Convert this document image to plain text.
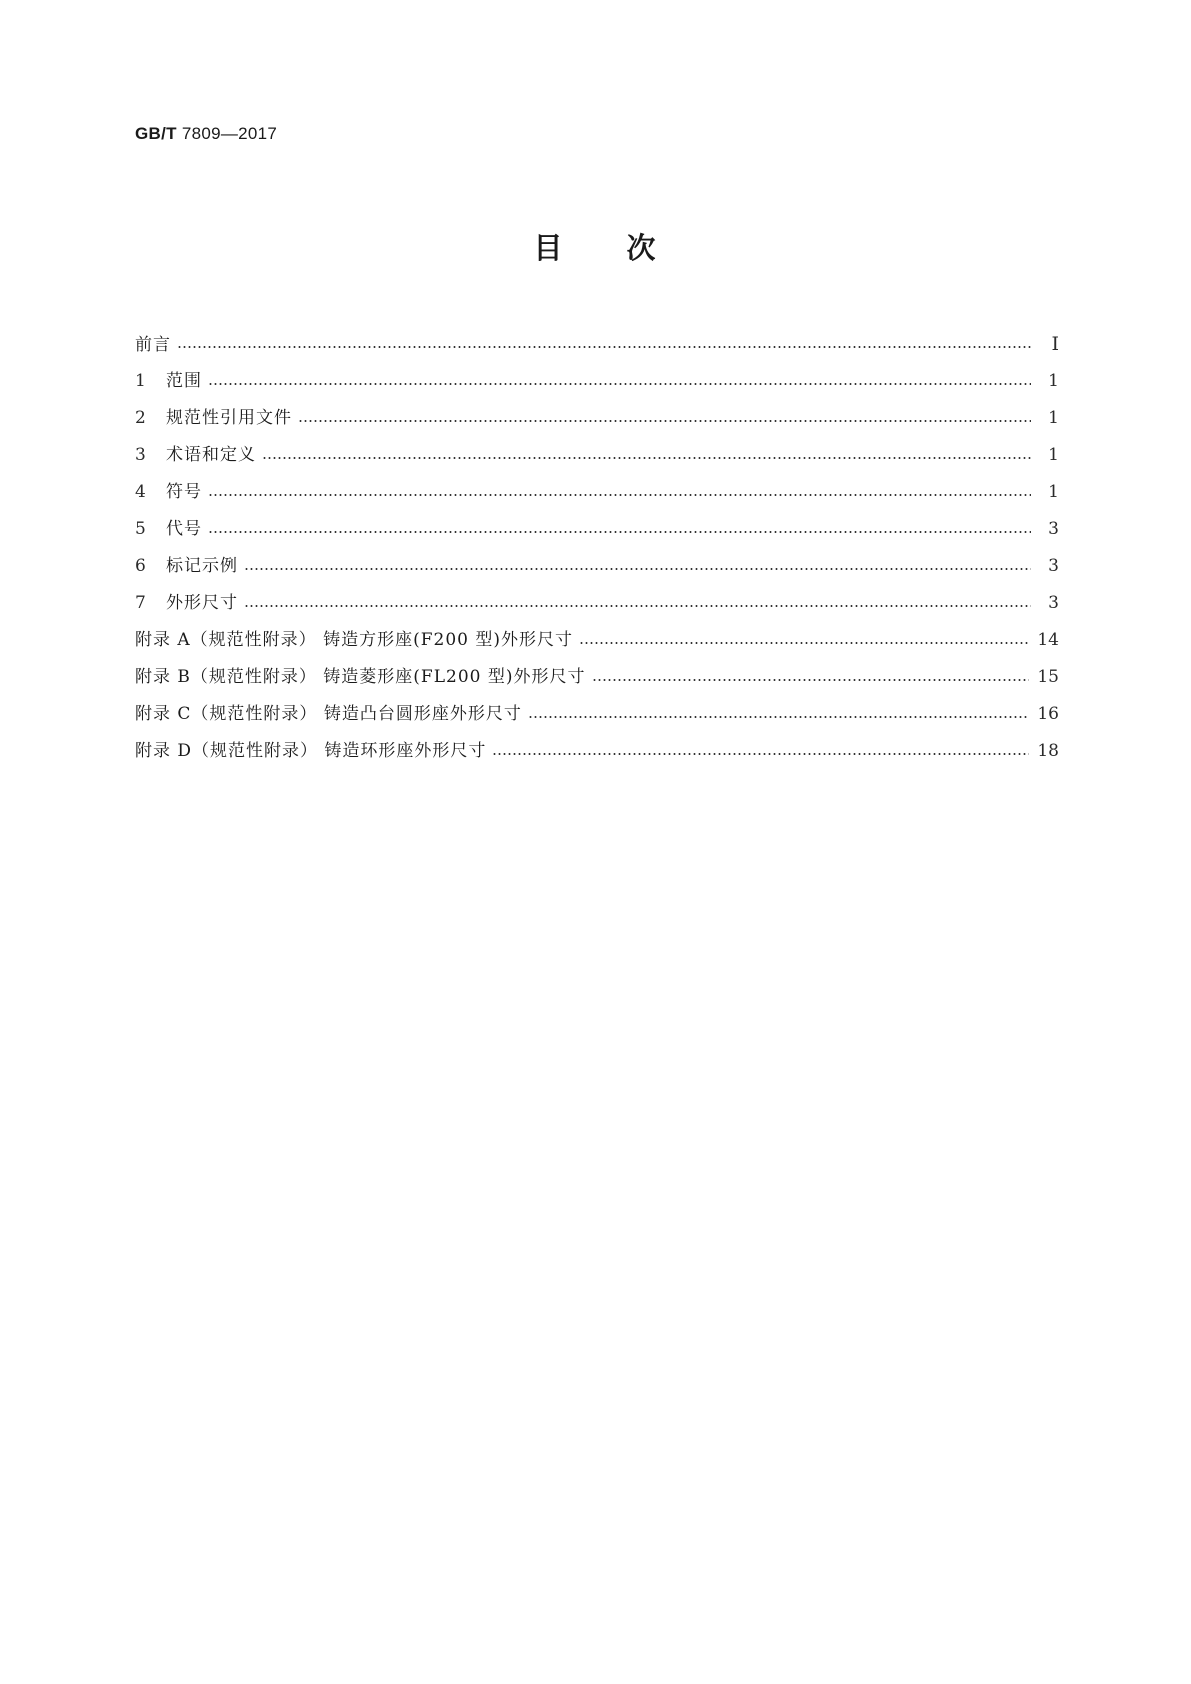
GB/T 7809—2017
目 次
前言	Ⅰ
1	范围	1
2	规范性引用文件	1
3	术语和定义	1
4	符号	1
5	代号	3
6	标记示例	3
7	外形尺寸	3
附录 A（规范性附录） 铸造方形座(F200 型)外形尺寸	14
附录 B（规范性附录） 铸造菱形座(FL200 型)外形尺寸	15
附录 C（规范性附录） 铸造凸台圆形座外形尺寸	16
附录 D（规范性附录） 铸造环形座外形尺寸	18
